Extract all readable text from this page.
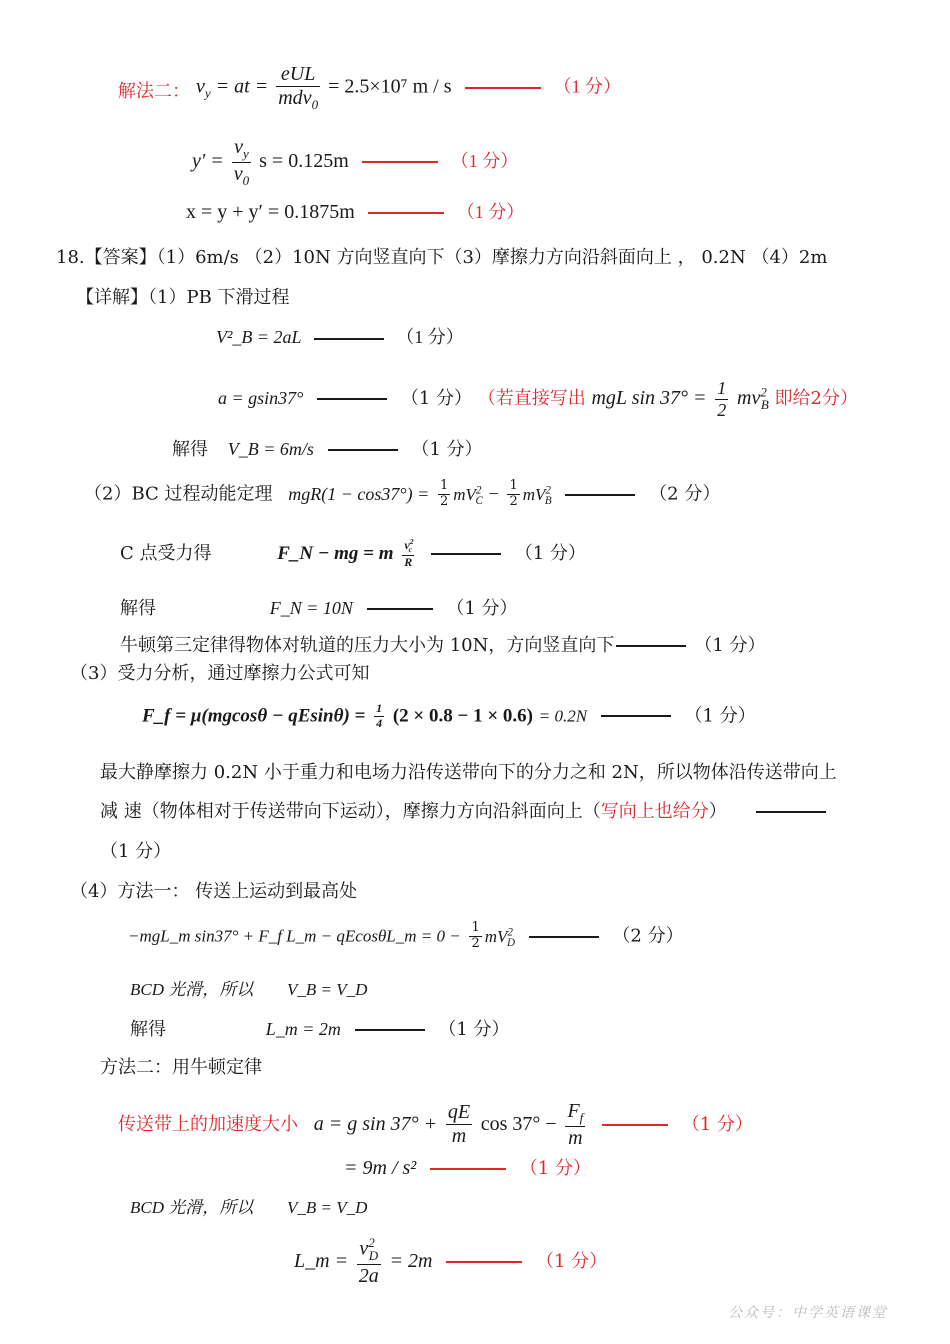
解法二： $v_y$ = at = $\frac{\text{eUL}}{mdv_0} = 2.5\times 10^7$ m / s	（1 分）
$y' = \frac{v_y}{v_0}$ s = 0.125m	（1 分）
x = y + y′ = 0.1875m	（1 分）
18.【答案】（1）6m/s （2）10N 方向竖直向下（3）摩擦力方向沿斜面向上 ， 0.2N （4）2m
【详解】（1）PB 下滑过程
V²_B = 2aL	（1 分）
a = gsin37°	（1 分） （若直接写出 mgL $\sin 37^\circ = \frac{1}{2} mv^2_B$ 即给2分）
解得 V_B = 6m/s	（1 分）
（2）BC 过程动能定理 $mgR(1 - \cos 37^\circ) = \frac{1}{2} mV^2_C - \frac{1}{2} mV^2_B$	（2 分）
C 点受力得	F_N − mg = m $\frac{v^2_c}{R}$	（1 分）
解得	F_N = 10N	（1 分）
牛顿第三定律得物体对轨道的压力大小为 10N，方向竖直向下	（1 分）
（3）受力分析，通过摩擦力公式可知
F_f = $\mu(mgcos\theta - qEsin\theta) = \frac{1}{4} (2 \times 0.8 - 1 \times 0.6) = 0.2N$	（1 分）
最大静摩擦力 0.2N 小于重力和电场力沿传送带向下的分力之和 2N，所以物体沿传送带向上
减 速（物体相对于传送带向下运动），摩擦力方向沿斜面向上（写向上也给分）
（1 分）
（4）方法一： 传送上运动到最高处
−mgL_m sin37° + F_f L_m − qEcosθL_m = $0 - \frac{1}{2} mV^2_D$	（2 分）
BCD 光滑，所以 V_B = V_D
解得	L_m = 2m	（1 分）
方法二：用牛顿定律
传送带上的加速度大小 a = g $\sin 37^\circ + \frac{qE}{m}$ $\cos 37^\circ - \frac{F_f}{m}$	（1 分）
= 9m / s²	（1 分）
BCD 光滑，所以 V_B = V_D
L_m = $\frac{v^2_D}{2a} = 2m$	（1 分）
公众号：中学英语课堂
